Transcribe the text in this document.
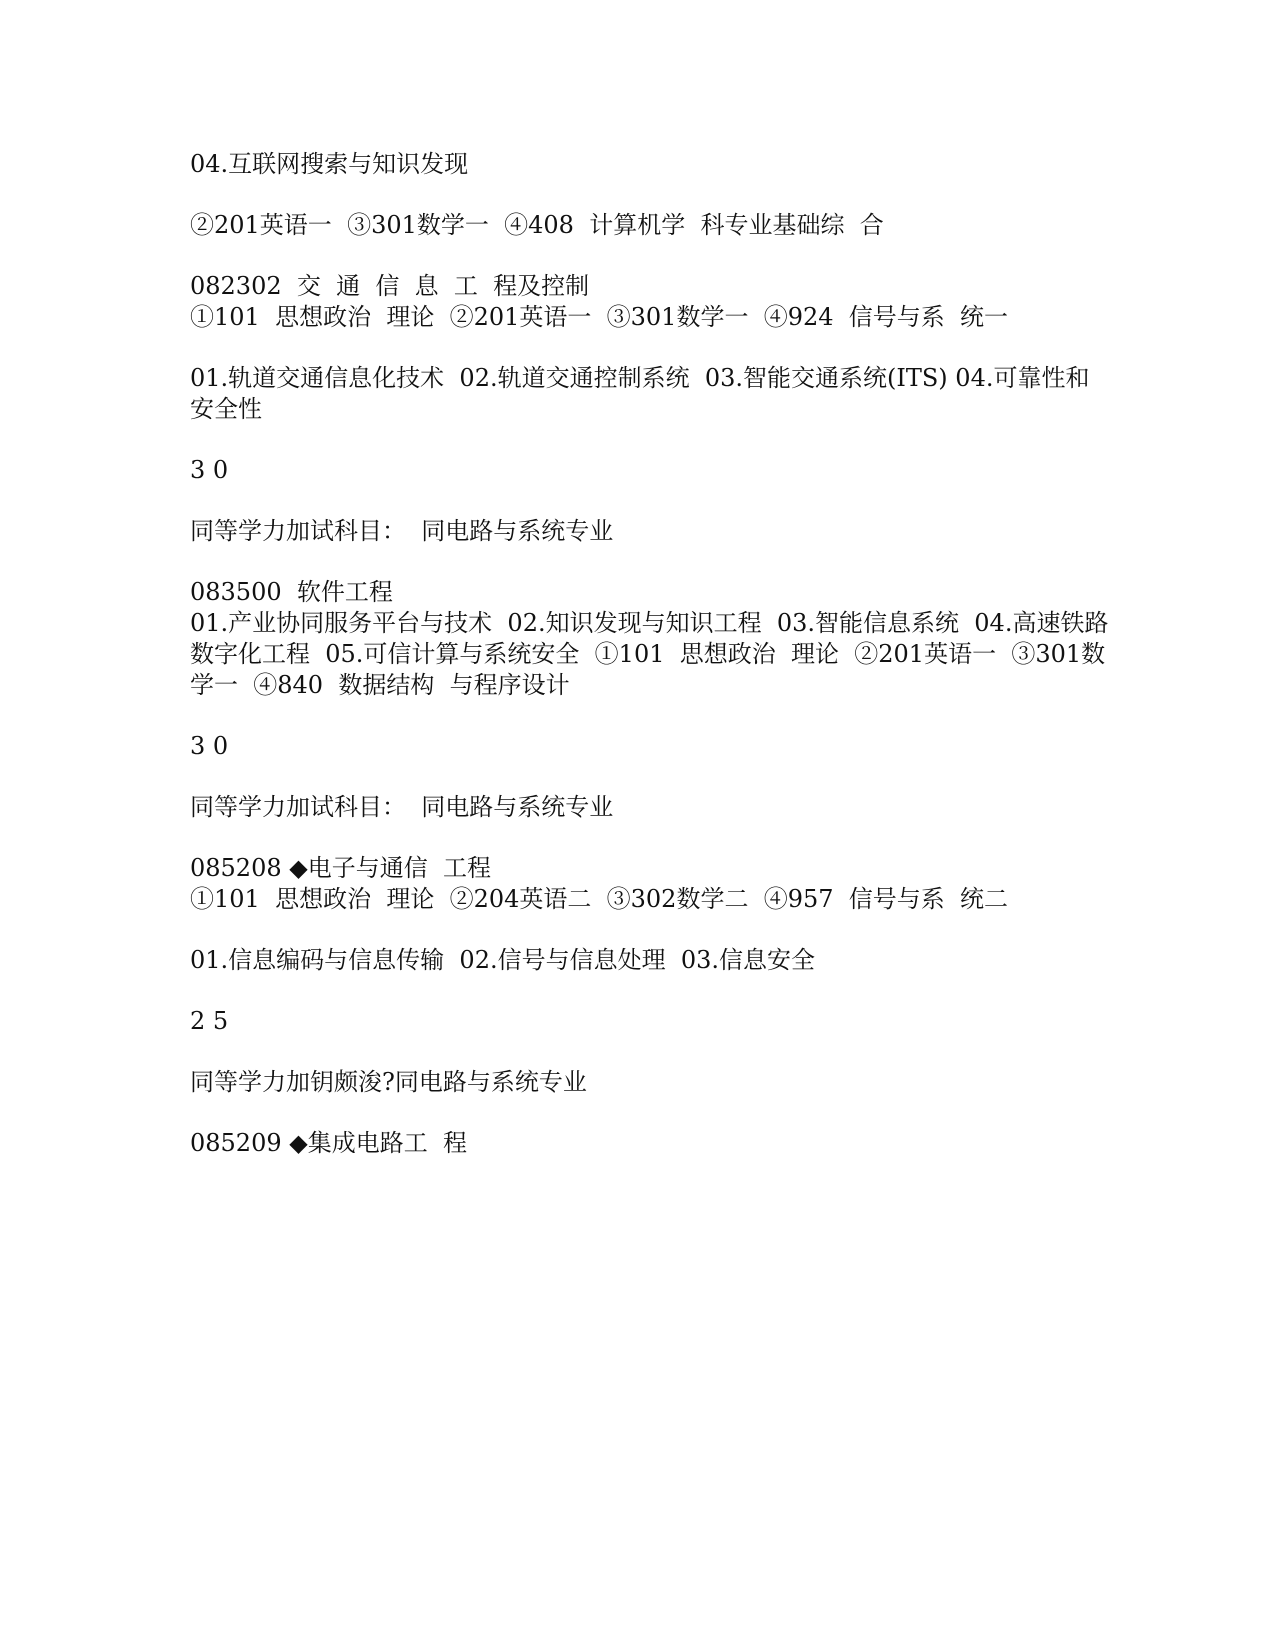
04.互联网搜索与知识发现

②201英语一  ③301数学一  ④408  计算机学  科专业基础综  合

082302  交  通  信  息  工  程及控制

①101  思想政治  理论  ②201英语一  ③301数学一  ④924  信号与系  统一

01.轨道交通信息化技术  02.轨道交通控制系统  03.智能交通系统(ITS) 04.可靠性和安全性

3 0

同等学力加试科目：  同电路与系统专业

083500  软件工程

01.产业协同服务平台与技术  02.知识发现与知识工程  03.智能信息系统  04.高速铁路数字化工程  05.可信计算与系统安全  ①101  思想政治  理论  ②201英语一  ③301数学一  ④840  数据结构  与程序设计

3 0

同等学力加试科目：  同电路与系统专业

085208 ◆电子与通信  工程

①101  思想政治  理论  ②204英语二  ③302数学二  ④957  信号与系  统二

01.信息编码与信息传输  02.信号与信息处理  03.信息安全

2 5

同等学力加钥颇浚?同电路与系统专业

085209 ◆集成电路工  程
